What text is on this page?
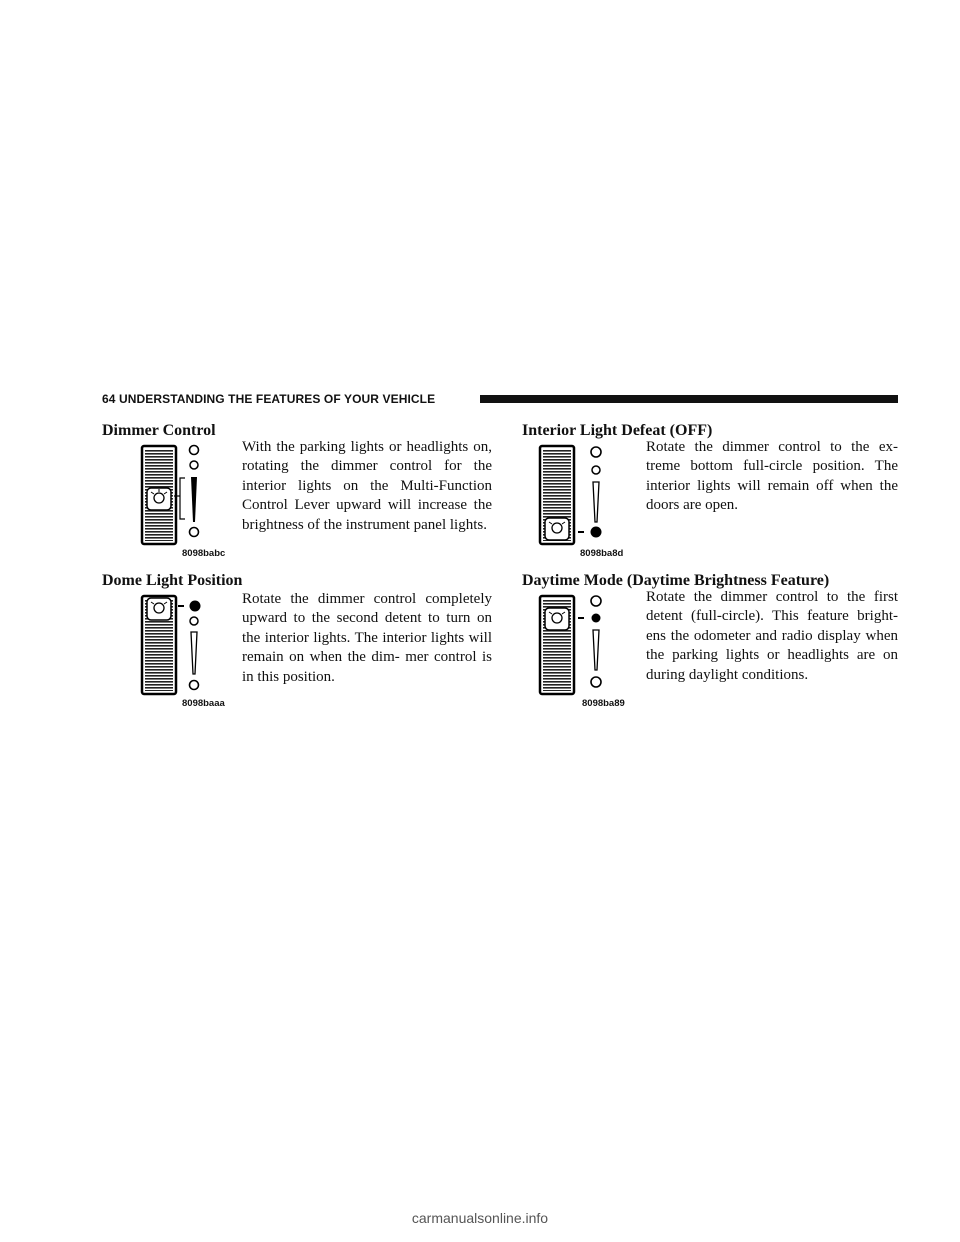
64 UNDERSTANDING THE FEATURES OF YOUR VEHICLE
Dimmer Control
8098babc
With the parking lights or headlights on, rotating the dimmer control for the interior lights on the Multi-Function Control Lever upward will increase the brightness of the instrument panel lights.
Dome Light Position
8098baaa
Rotate the dimmer control completely upward to the second detent to turn on the interior lights. The interior lights will remain on when the dim- mer control is in this position.
Interior Light Defeat (OFF)
8098ba8d
Rotate the dimmer control to the ex- treme bottom full-circle position. The interior lights will remain off when the doors are open.
Daytime Mode (Daytime Brightness Feature)
8098ba89
Rotate the dimmer control to the first detent (full-circle). This feature bright- ens the odometer and radio display when the parking lights or headlights are on during daylight conditions.
carmanualsonline.info
